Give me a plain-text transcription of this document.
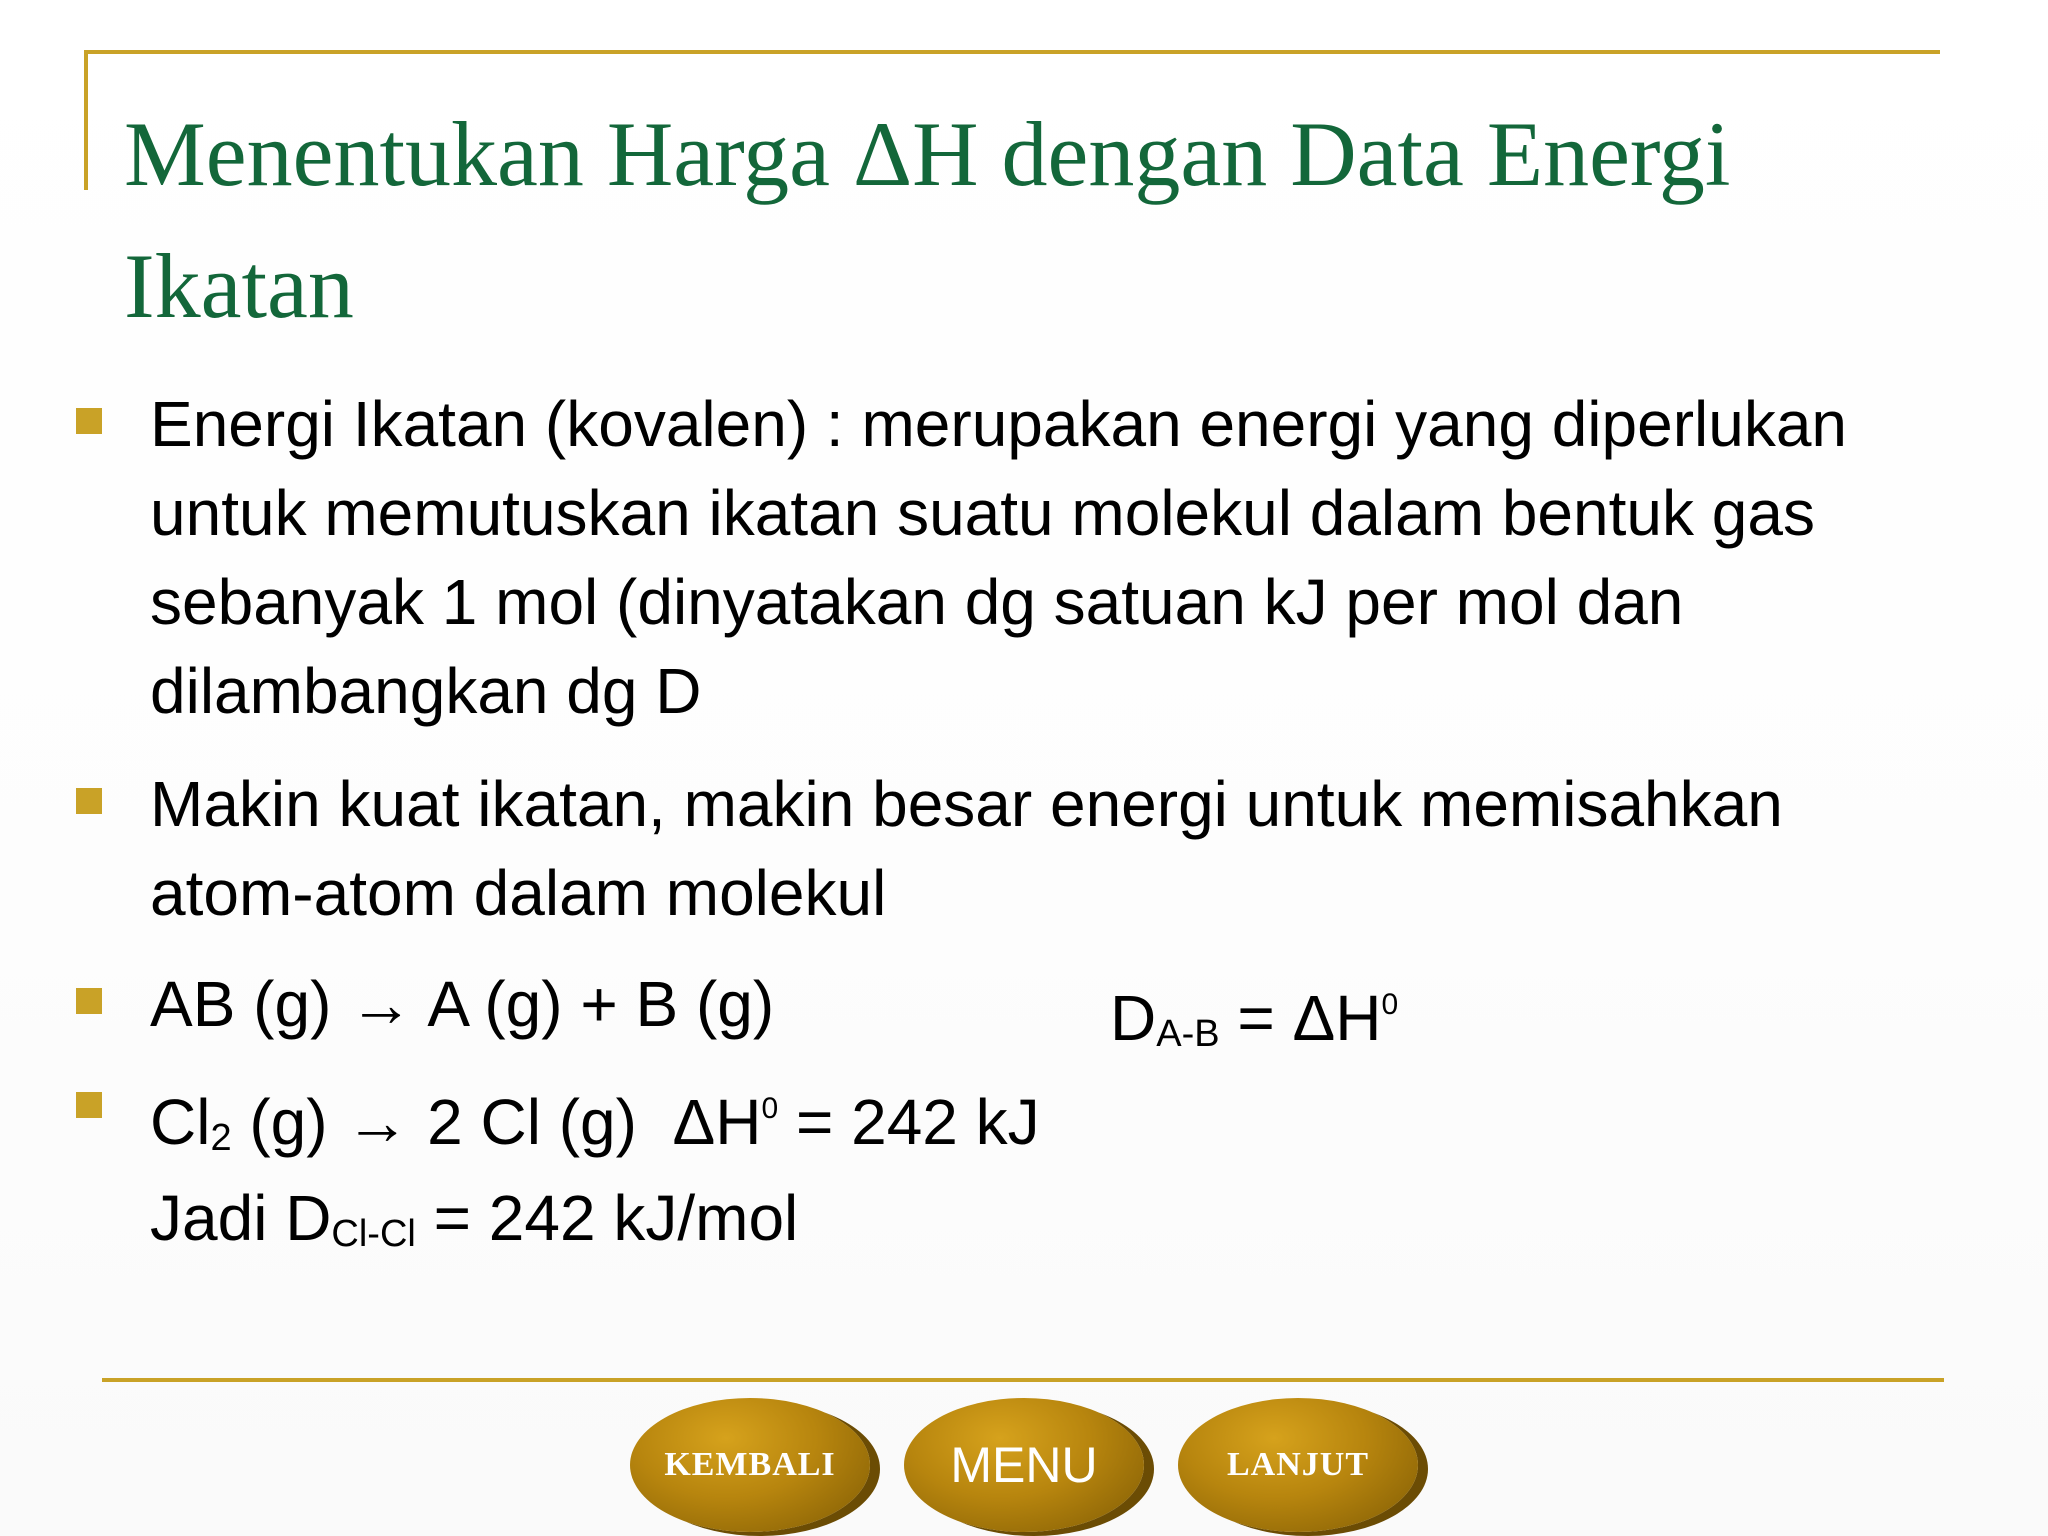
Menentukan Harga ΔH dengan Data Energi Ikatan
Energi Ikatan (kovalen) : merupakan energi yang diperlukan untuk memutuskan ikatan suatu molekul dalam bentuk gas sebanyak 1 mol (dinyatakan dg satuan kJ per mol dan dilambangkan dg D
Makin kuat ikatan, makin besar energi untuk memisahkan atom-atom dalam molekul
AB (g) → A (g) + B (g)	$DA-B = \Delta H^0$
Cl2 (g) → 2 Cl (g) $\Delta H^0 = 242$ kJ
Jadi DCl-Cl = 242 kJ/mol
KEMBALI MENU	LANJUT
